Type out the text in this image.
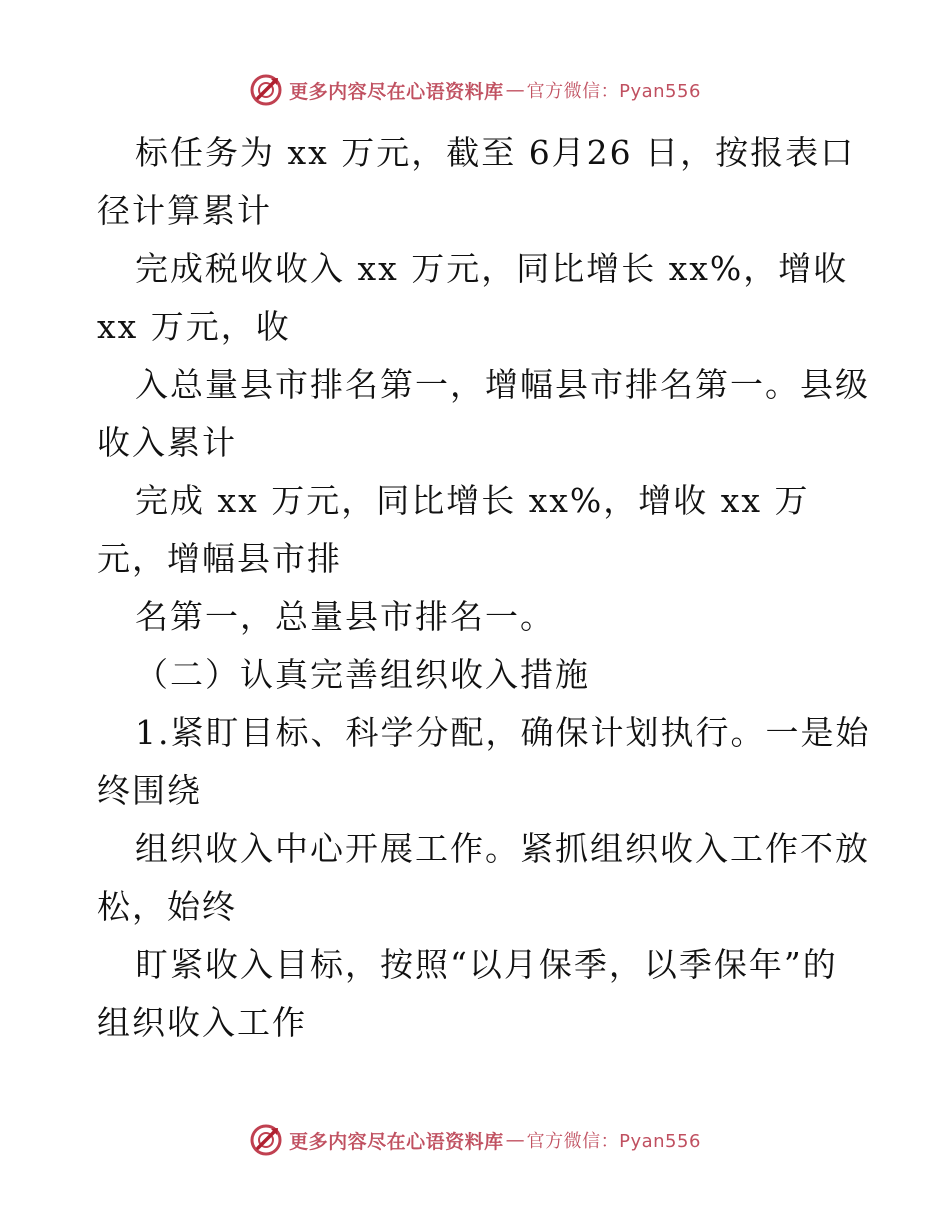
更多内容尽在心语资料库 — 官方微信：Pyan556
标任务为 xx 万元，截至 6月26 日，按报表口
径计算累计
完成税收收入 xx 万元，同比增长 xx%，增收
xx 万元，收
入总量县市排名第一，增幅县市排名第一。县级
收入累计
完成 xx 万元，同比增长 xx%，增收 xx 万
元，增幅县市排
名第一，总量县市排名一。
（二）认真完善组织收入措施
1.紧盯目标、科学分配，确保计划执行。一是始
终围绕
组织收入中心开展工作。紧抓组织收入工作不放
松，始终
盯紧收入目标，按照“以月保季，以季保年”的
组织收入工作
更多内容尽在心语资料库 — 官方微信：Pyan556
